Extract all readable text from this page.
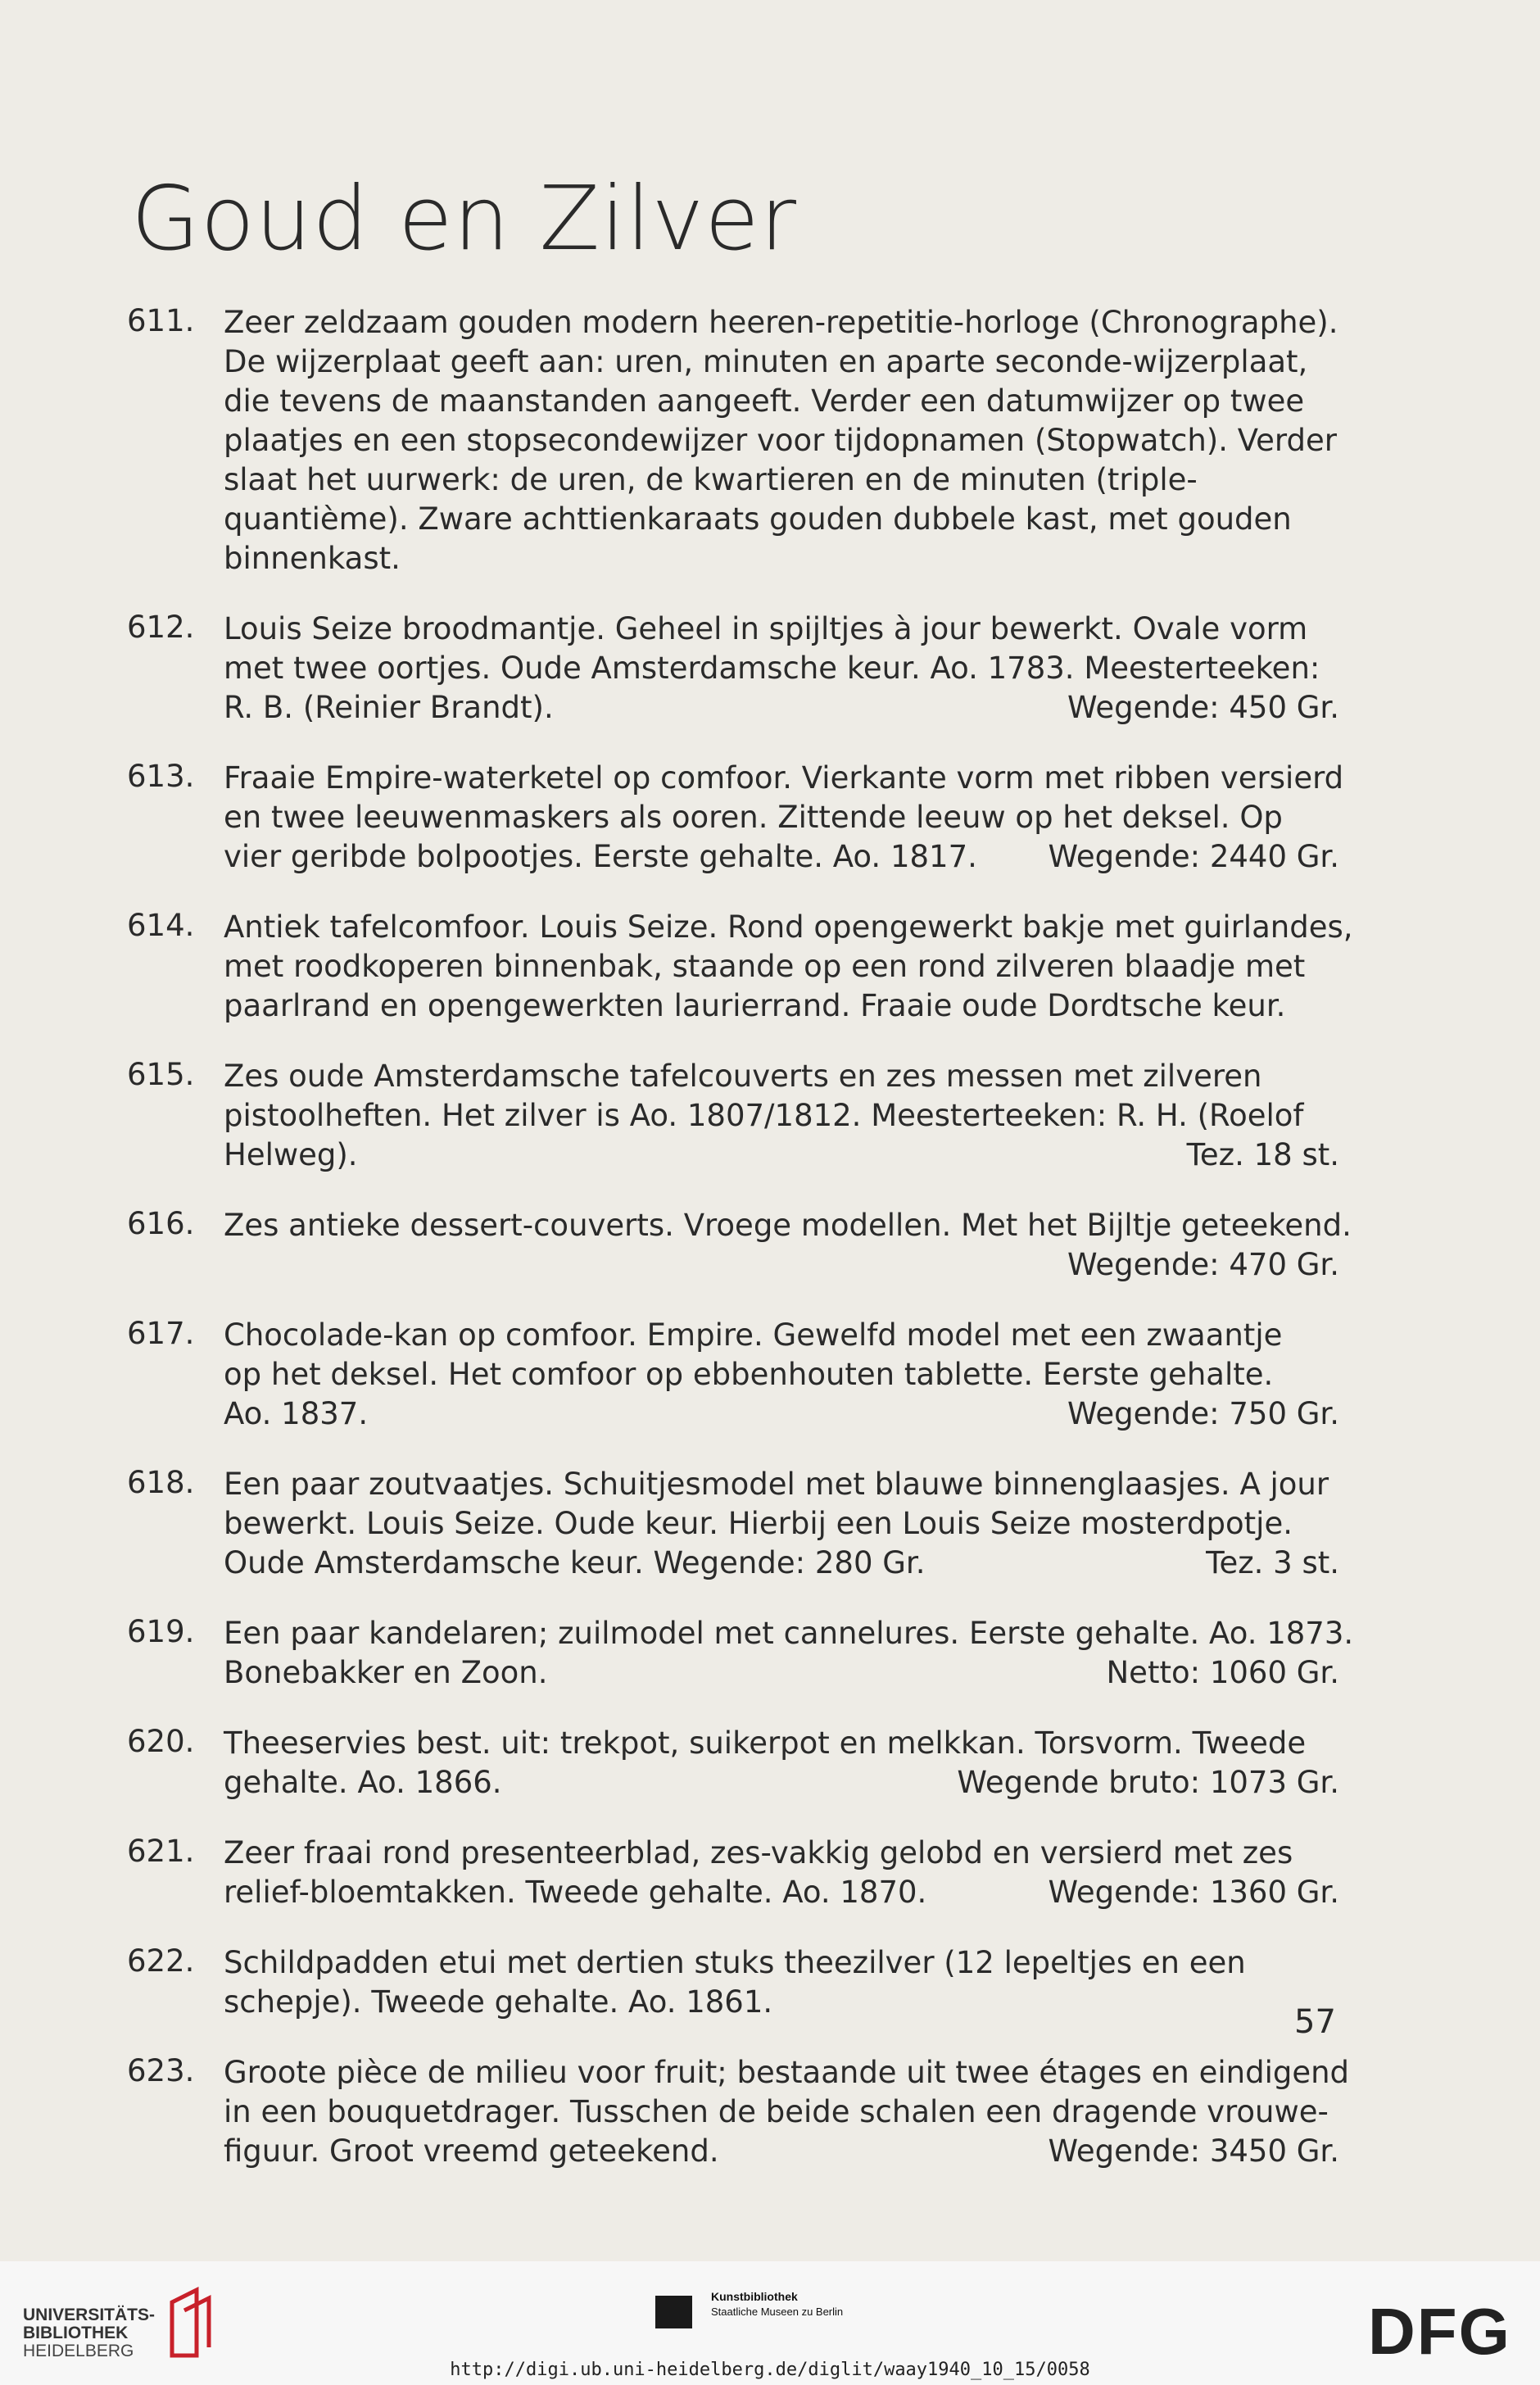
Goud en Zilver
611. Zeer zeldzaam gouden modern heeren-repetitie-horloge (Chronographe).
De wijzerplaat geeft aan: uren, minuten en aparte seconde-wijzerplaat,
die tevens de maanstanden aangeeft. Verder een datumwijzer op twee
plaatjes en een stopsecondewijzer voor tijdopnamen (Stopwatch). Verder
slaat het uurwerk: de uren, de kwartieren en de minuten (triple-
quantième). Zware achttienkaraats gouden dubbele kast, met gouden
binnenkast.
612. Louis Seize broodmantje. Geheel in spijltjes à jour bewerkt. Ovale vorm
met twee oortjes. Oude Amsterdamsche keur. Ao. 1783. Meesterteeken:
R. B. (Reinier Brandt).	Wegende: 450 Gr.
613. Fraaie Empire-waterketel op comfoor. Vierkante vorm met ribben versierd
en twee leeuwenmaskers als ooren. Zittende leeuw op het deksel. Op
vier geribde bolpootjes. Eerste gehalte. Ao. 1817. Wegende: 2440 Gr.
614. Antiek tafelcomfoor. Louis Seize. Rond opengewerkt bakje met guirlandes,
met roodkoperen binnenbak, staande op een rond zilveren blaadje met
paarlrand en opengewerkten laurierrand. Fraaie oude Dordtsche keur.
615. Zes oude Amsterdamsche tafelcouverts en zes messen met zilveren
pistoolheften. Het zilver is Ao. 1807/1812. Meesterteeken: R. H. (Roelof
Helweg).	Tez. 18 st.
616. Zes antieke dessert-couverts. Vroege modellen. Met het Bijltje geteekend.
Wegende: 470 Gr.
617. Chocolade-kan op comfoor. Empire. Gewelfd model met een zwaantje
op het deksel. Het comfoor op ebbenhouten tablette. Eerste gehalte.
Ao. 1837.	Wegende: 750 Gr.
618. Een paar zoutvaatjes. Schuitjesmodel met blauwe binnenglaasjes. A jour
bewerkt. Louis Seize. Oude keur. Hierbij een Louis Seize mosterdpotje.
Oude Amsterdamsche keur. Wegende: 280 Gr.	Tez. 3 st.
619. Een paar kandelaren; zuilmodel met cannelures. Eerste gehalte. Ao. 1873.
Bonebakker en Zoon.	Netto: 1060 Gr.
620. Theeservies best. uit: trekpot, suikerpot en melkkan. Torsvorm. Tweede
gehalte. Ao. 1866.	Wegende bruto: 1073 Gr.
621. Zeer fraai rond presenteerblad, zes-vakkig gelobd en versierd met zes
relief-bloemtakken. Tweede gehalte. Ao. 1870.	Wegende: 1360 Gr.
622. Schildpadden etui met dertien stuks theezilver (12 lepeltjes en een
schepje). Tweede gehalte. Ao. 1861.
623. Groote pièce de milieu voor fruit; bestaande uit twee étages en eindigend
in een bouquetdrager. Tusschen de beide schalen een dragende vrouwe-
figuur. Groot vreemd geteekend.	Wegende: 3450 Gr.
57
UNIVERSITÄTS-
BIBLIOTHEK
HEIDELBERG
Kunstbibliothek
Staatliche Museen zu Berlin	DFG
http://digi.ub.uni-heidelberg.de/diglit/waay1940_10_15/0058
